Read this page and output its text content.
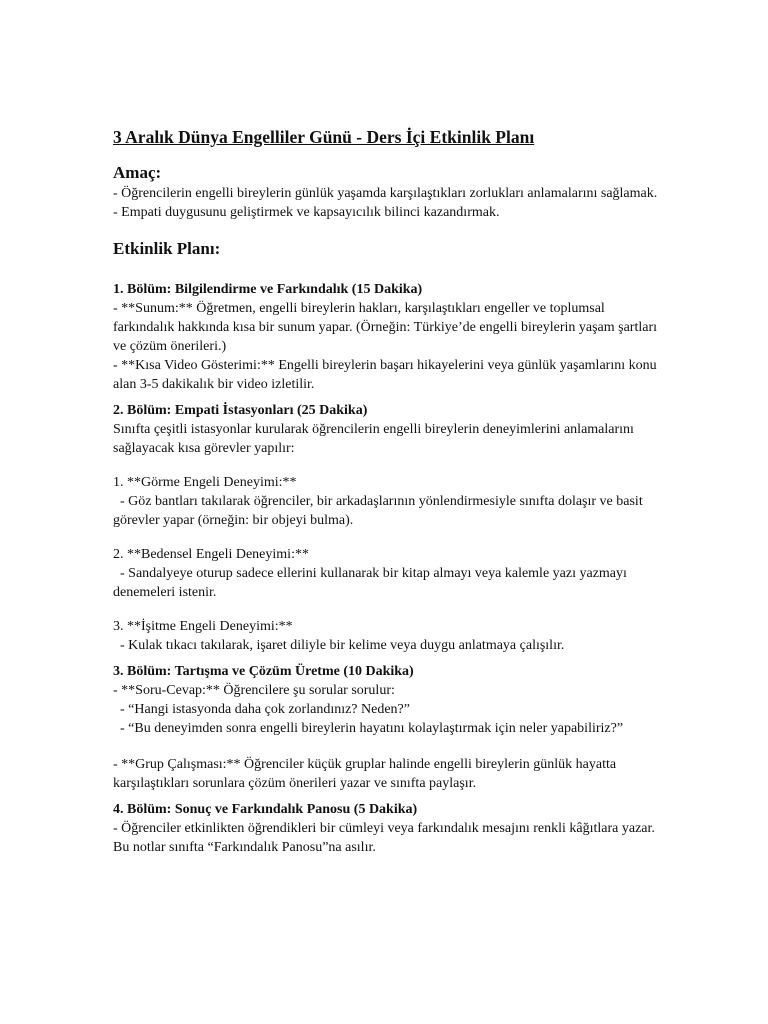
3 Aralık Dünya Engelliler Günü - Ders İçi Etkinlik Planı
Amaç:

- Öğrencilerin engelli bireylerin günlük yaşamda karşılaştıkları zorlukları anlamalarını sağlamak.

- Empati duygusunu geliştirmek ve kapsayıcılık bilinci kazandırmak.

Etkinlik Planı:

1. Bölüm: Bilgilendirme ve Farkındalık (15 Dakika)

- **Sunum:** Öğretmen, engelli bireylerin hakları, karşılaştıkları engeller ve toplumsal

farkındalık hakkında kısa bir sunum yapar. (Örneğin: Türkiye’de engelli bireylerin yaşam şartları

ve çözüm önerileri.)

- **Kısa Video Gösterimi:** Engelli bireylerin başarı hikayelerini veya günlük yaşamlarını konu

alan 3-5 dakikalık bir video izletilir.

2. Bölüm: Empati İstasyonları (25 Dakika)

Sınıfta çeşitli istasyonlar kurularak öğrencilerin engelli bireylerin deneyimlerini anlamalarını

sağlayacak kısa görevler yapılır:

1. **Görme Engeli Deneyimi:**

- Göz bantları takılarak öğrenciler, bir arkadaşlarının yönlendirmesiyle sınıfta dolaşır ve basit

görevler yapar (örneğin: bir objeyi bulma).

2. **Bedensel Engeli Deneyimi:**

- Sandalyeye oturup sadece ellerini kullanarak bir kitap almayı veya kalemle yazı yazmayı

denemeleri istenir.

3. **İşitme Engeli Deneyimi:**

- Kulak tıkacı takılarak, işaret diliyle bir kelime veya duygu anlatmaya çalışılır.

3. Bölüm: Tartışma ve Çözüm Üretme (10 Dakika)

- **Soru-Cevap:** Öğrencilere şu sorular sorulur:

- “Hangi istasyonda daha çok zorlandınız? Neden?”

- “Bu deneyimden sonra engelli bireylerin hayatını kolaylaştırmak için neler yapabiliriz?”

- **Grup Çalışması:** Öğrenciler küçük gruplar halinde engelli bireylerin günlük hayatta

karşılaştıkları sorunlara çözüm önerileri yazar ve sınıfta paylaşır.

4. Bölüm: Sonuç ve Farkındalık Panosu (5 Dakika)

- Öğrenciler etkinlikten öğrendikleri bir cümleyi veya farkındalık mesajını renkli kâğıtlara yazar.

Bu notlar sınıfta “Farkındalık Panosu”na asılır.
